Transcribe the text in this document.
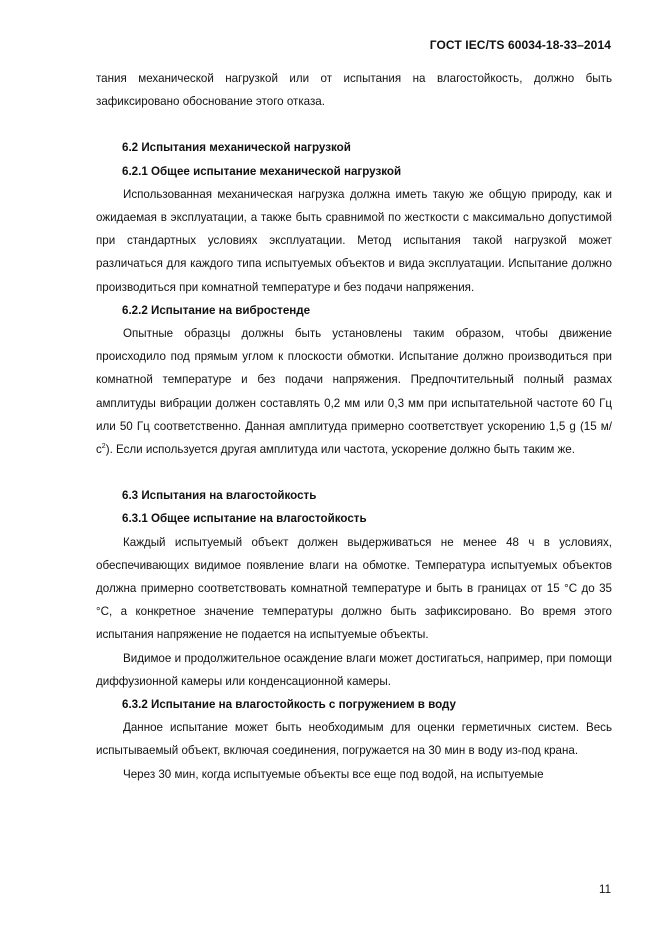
ГОСТ IEC/TS 60034-18-33–2014

тания механической нагрузкой или от испытания на влагостойкость, должно быть зафиксировано обоснование этого отказа.

6.2 Испытания механической нагрузкой

6.2.1 Общее испытание механической нагрузкой

Использованная механическая нагрузка должна иметь такую же общую природу, как и ожидаемая в эксплуатации, а также быть сравнимой по жесткости с максимально допустимой при стандартных условиях эксплуатации. Метод испытания такой нагрузкой может различаться для каждого типа испытуемых объектов и вида эксплуатации. Испытание должно производиться при комнатной температуре и без подачи напряжения.

6.2.2 Испытание на вибростенде

Опытные образцы должны быть установлены таким образом, чтобы движение происходило под прямым углом к плоскости обмотки. Испытание должно производиться при комнатной температуре и без подачи напряжения. Предпочтительный полный размах амплитуды вибрации должен составлять 0,2 мм или 0,3 мм при испытательной частоте 60 Гц или 50 Гц соответственно. Данная амплитуда примерно соответствует ускорению 1,5 g (15 $м/с^2$). Если используется другая амплитуда или частота, ускорение должно быть таким же.

6.3 Испытания на влагостойкость

6.3.1 Общее испытание на влагостойкость

Каждый испытуемый объект должен выдерживаться не менее 48 ч в условиях, обеспечивающих видимое появление влаги на обмотке. Температура испытуемых объектов должна примерно соответствовать комнатной температуре и быть в границах от 15 °С до 35 °С, а конкретное значение температуры должно быть зафиксировано. Во время этого испытания напряжение не подается на испытуемые объекты.

Видимое и продолжительное осаждение влаги может достигаться, например, при помощи диффузионной камеры или конденсационной камеры.

6.3.2 Испытание на влагостойкость с погружением в воду

Данное испытание может быть необходимым для оценки герметичных систем. Весь испытываемый объект, включая соединения, погружается на 30 мин в воду из-под крана.

Через 30 мин, когда испытуемые объекты все еще под водой, на испытуемые

11
